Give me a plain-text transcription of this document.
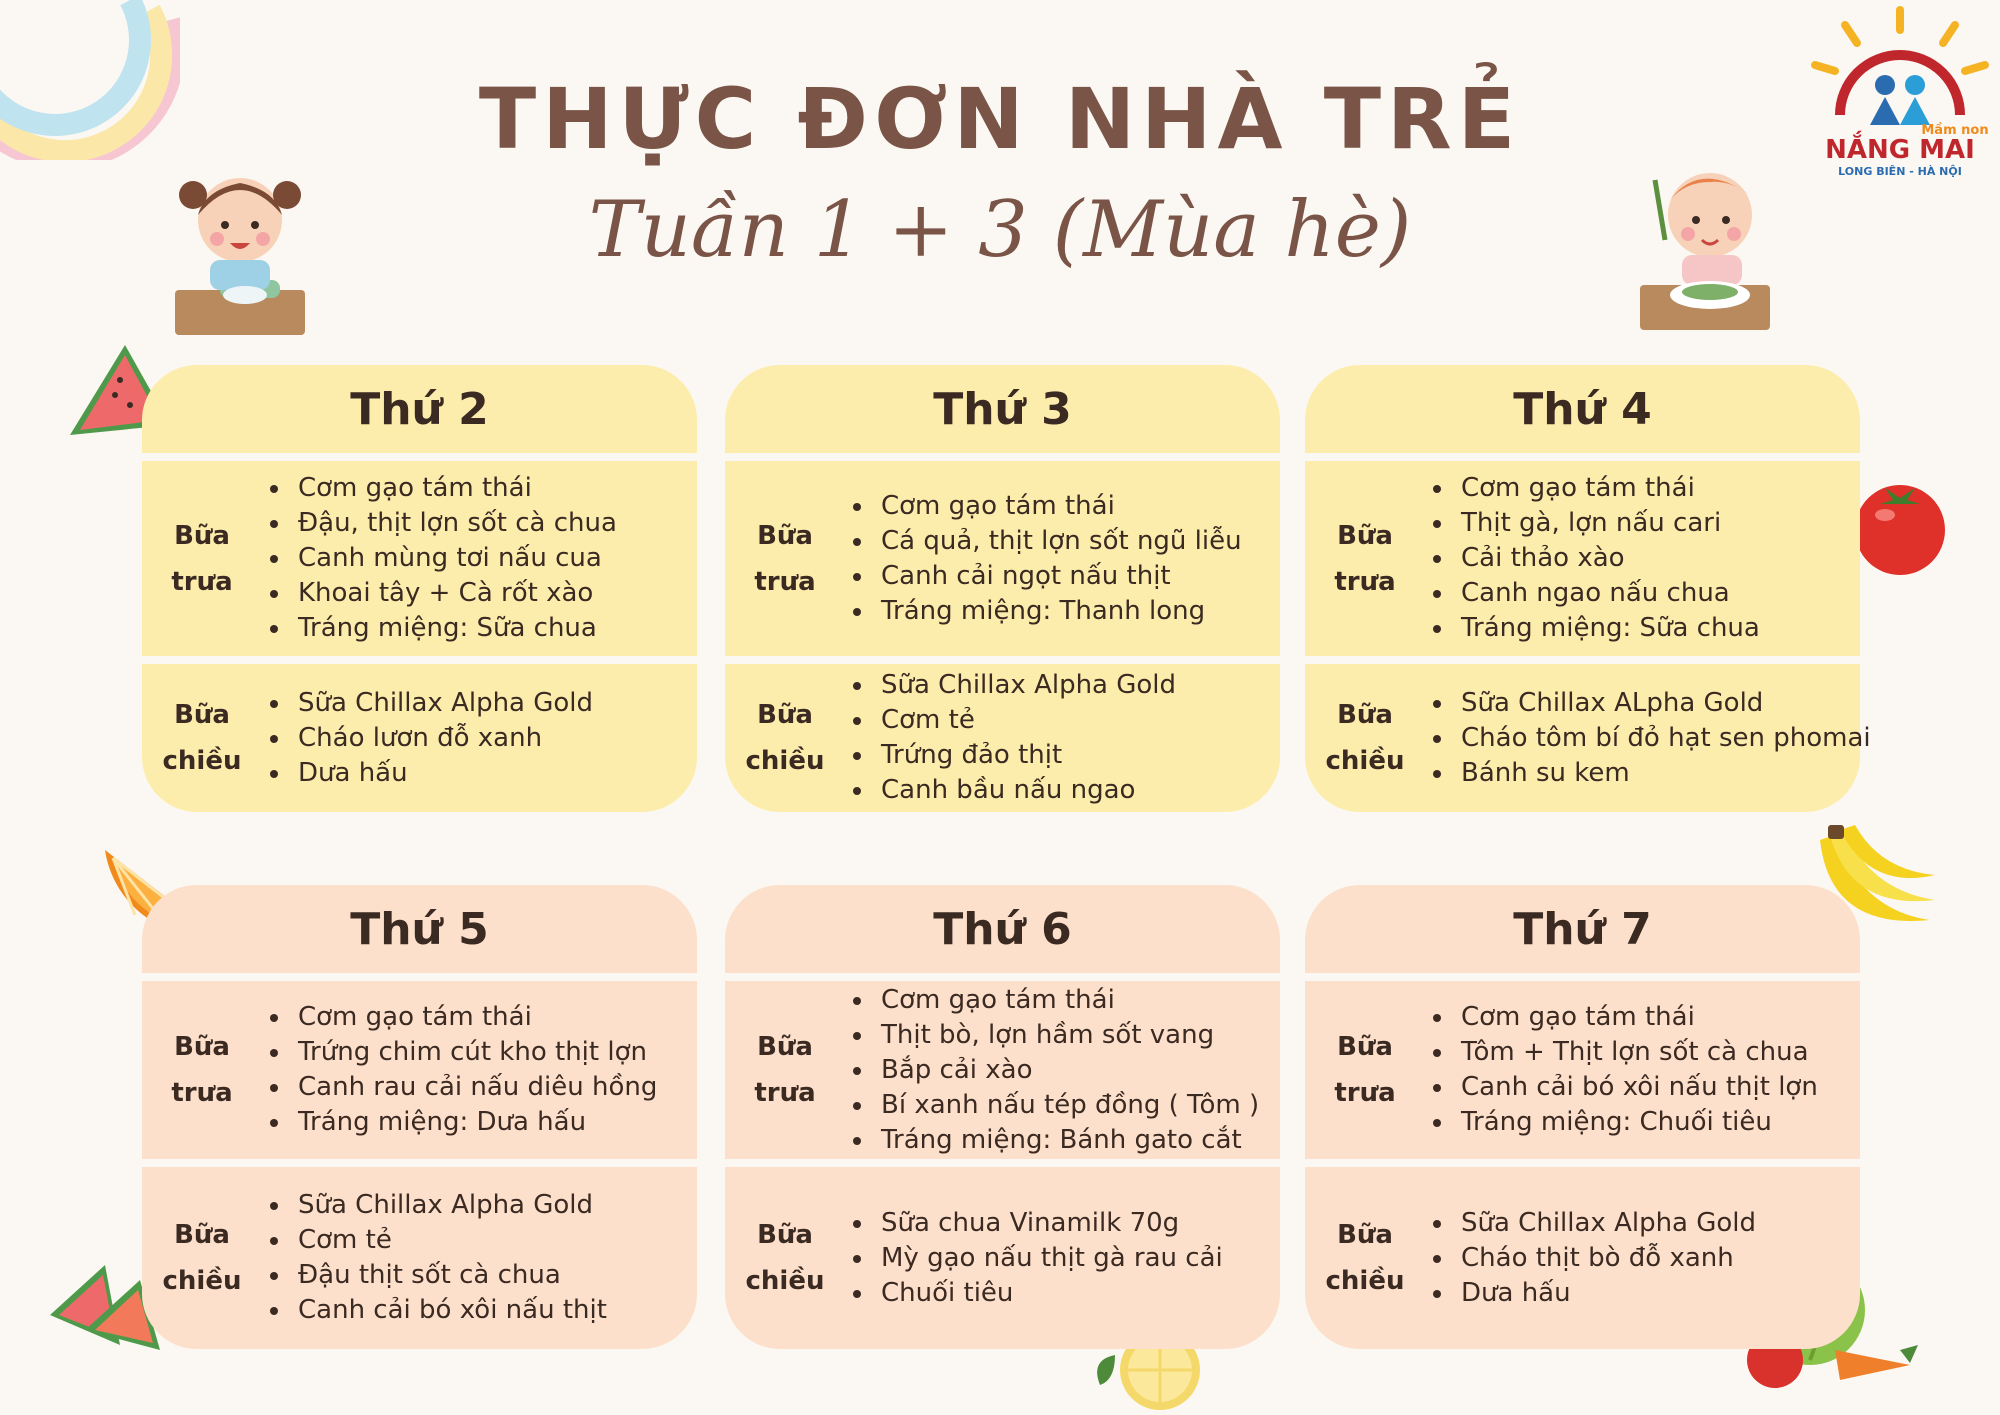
Mầm non
NẮNG MAI
LONG BIÊN - HÀ NỘI
THỰC ĐƠN NHÀ TRẺ
Tuần 1 + 3 (Mùa hè)
Thứ 2
Bữa
trưa
• Cơm gạo tám thái
• Đậu, thịt lợn sốt cà chua
• Canh mùng tơi nấu cua
• Khoai tây + Cà rốt xào
• Tráng miệng: Sữa chua
Bữa
chiều
• Sữa Chillax Alpha Gold
• Cháo lươn đỗ xanh
• Dưa hấu
Thứ 3
Bữa
trưa
• Cơm gạo tám thái
• Cá quả, thịt lợn sốt ngũ liễu
• Canh cải ngọt nấu thịt
• Tráng miệng: Thanh long
Bữa
chiều
• Sữa Chillax Alpha Gold
• Cơm tẻ
• Trứng đảo thịt
• Canh bầu nấu ngao
Thứ 4
Bữa
trưa
• Cơm gạo tám thái
• Thịt gà, lợn nấu cari
• Cải thảo xào
• Canh ngao nấu chua
• Tráng miệng: Sữa chua
Bữa
chiều
• Sữa Chillax ALpha Gold
• Cháo tôm bí đỏ hạt sen phomai
• Bánh su kem
Thứ 5
Bữa
trưa
• Cơm gạo tám thái
• Trứng chim cút kho thịt lợn
• Canh rau cải nấu diêu hồng
• Tráng miệng: Dưa hấu
Bữa
chiều
• Sữa Chillax Alpha Gold
• Cơm tẻ
• Đậu thịt sốt cà chua
• Canh cải bó xôi nấu thịt
Thứ 6
Bữa
trưa
• Cơm gạo tám thái
• Thịt bò, lợn hầm sốt vang
• Bắp cải xào
• Bí xanh nấu tép đồng ( Tôm )
• Tráng miệng: Bánh gato cắt
Bữa
chiều
• Sữa chua Vinamilk 70g
• Mỳ gạo nấu thịt gà rau cải
• Chuối tiêu
Thứ 7
Bữa
trưa
• Cơm gạo tám thái
• Tôm + Thịt lợn sốt cà chua
• Canh cải bó xôi nấu thịt lợn
• Tráng miệng: Chuối tiêu
Bữa
chiều
• Sữa Chillax Alpha Gold
• Cháo thịt bò đỗ xanh
• Dưa hấu
